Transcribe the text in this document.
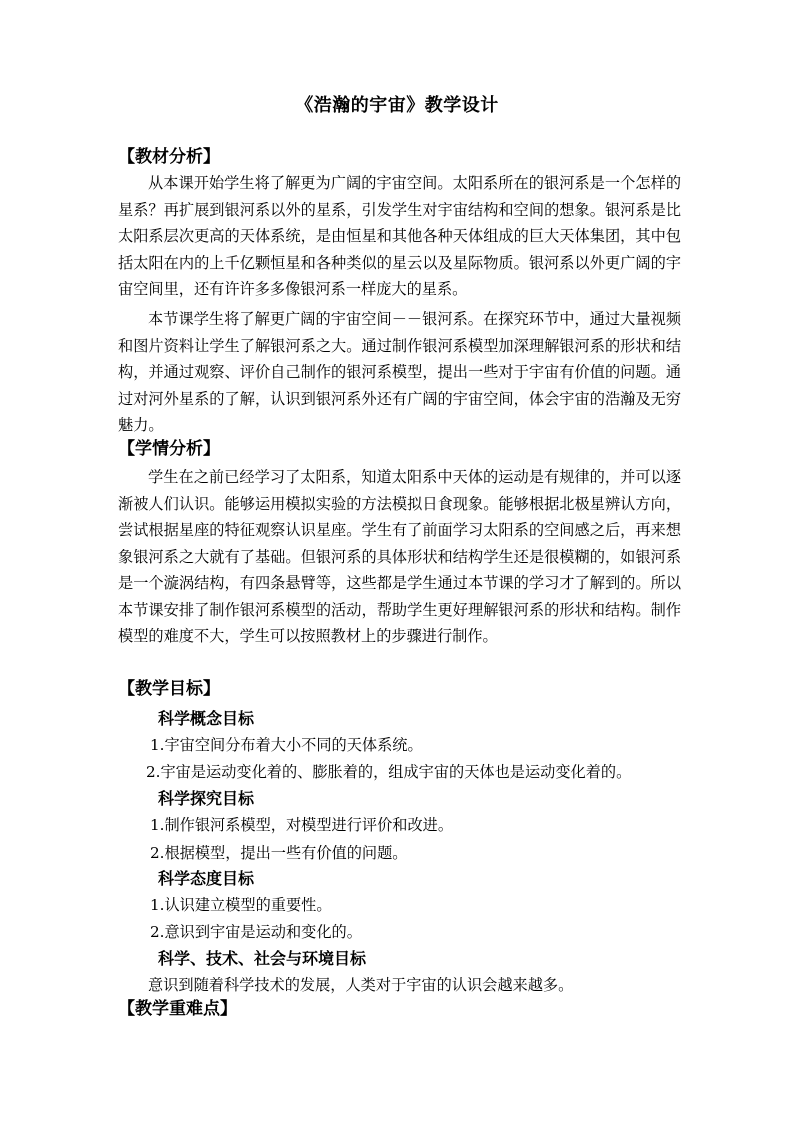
《浩瀚的宇宙》教学设计
【教材分析】
从本课开始学生将了解更为广阔的宇宙空间。太阳系所在的银河系是一个怎样的星系？再扩展到银河系以外的星系，引发学生对宇宙结构和空间的想象。银河系是比太阳系层次更高的天体系统，是由恒星和其他各种天体组成的巨大天体集团，其中包括太阳在内的上千亿颗恒星和各种类似的星云以及星际物质。银河系以外更广阔的宇宙空间里，还有许许多多像银河系一样庞大的星系。
本节课学生将了解更广阔的宇宙空间－－银河系。在探究环节中，通过大量视频和图片资料让学生了解银河系之大。通过制作银河系模型加深理解银河系的形状和结构，并通过观察、评价自己制作的银河系模型，提出一些对于宇宙有价值的问题。通过对河外星系的了解，认识到银河系外还有广阔的宇宙空间，体会宇宙的浩瀚及无穷魅力。
【学情分析】
学生在之前已经学习了太阳系，知道太阳系中天体的运动是有规律的，并可以逐渐被人们认识。能够运用模拟实验的方法模拟日食现象。能够根据北极星辨认方向，尝试根据星座的特征观察认识星座。学生有了前面学习太阳系的空间感之后，再来想象银河系之大就有了基础。但银河系的具体形状和结构学生还是很模糊的，如银河系是一个漩涡结构，有四条悬臂等，这些都是学生通过本节课的学习才了解到的。所以本节课安排了制作银河系模型的活动，帮助学生更好理解银河系的形状和结构。制作模型的难度不大，学生可以按照教材上的步骤进行制作。
【教学目标】
科学概念目标
1.宇宙空间分布着大小不同的天体系统。
2.宇宙是运动变化着的、膨胀着的，组成宇宙的天体也是运动变化着的。
科学探究目标
1.制作银河系模型，对模型进行评价和改进。
2.根据模型，提出一些有价值的问题。
科学态度目标
1.认识建立模型的重要性。
2.意识到宇宙是运动和变化的。
科学、技术、社会与环境目标
意识到随着科学技术的发展，人类对于宇宙的认识会越来越多。
【教学重难点】
